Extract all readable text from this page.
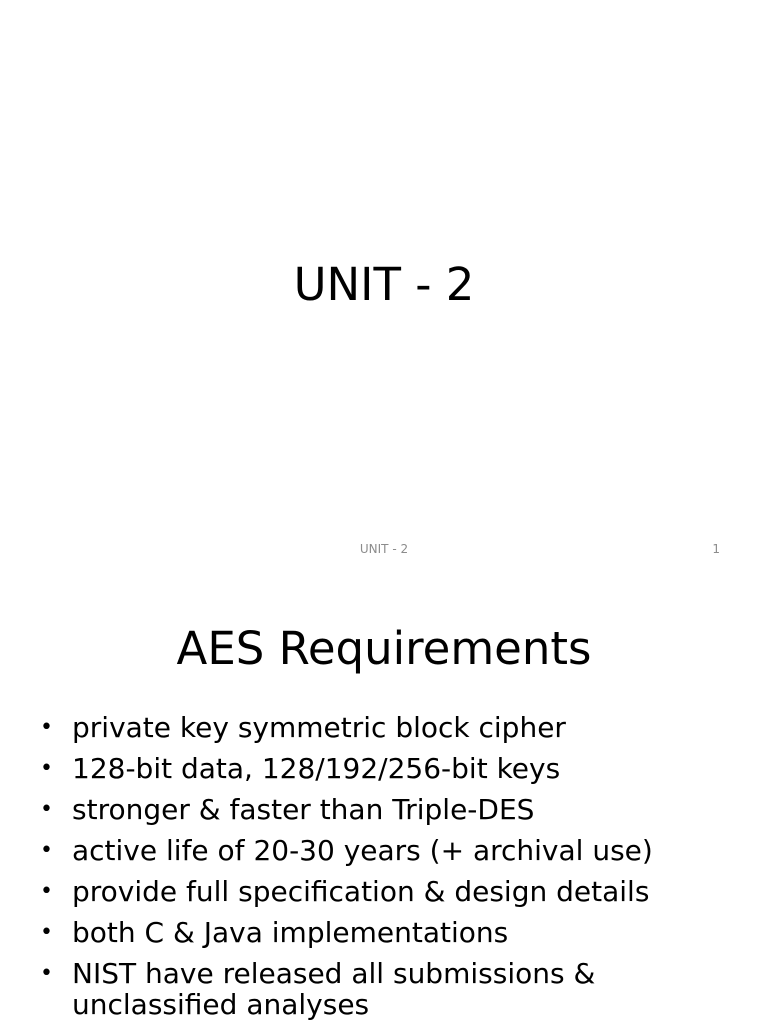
UNIT - 2
UNIT - 2	1
AES Requirements
• private key symmetric block cipher
• 128-bit data, 128/192/256-bit keys
• stronger & faster than Triple-DES
• active life of 20-30 years (+ archival use)
• provide full specification & design details
• both C & Java implementations
• NIST have released all submissions & unclassified analyses
